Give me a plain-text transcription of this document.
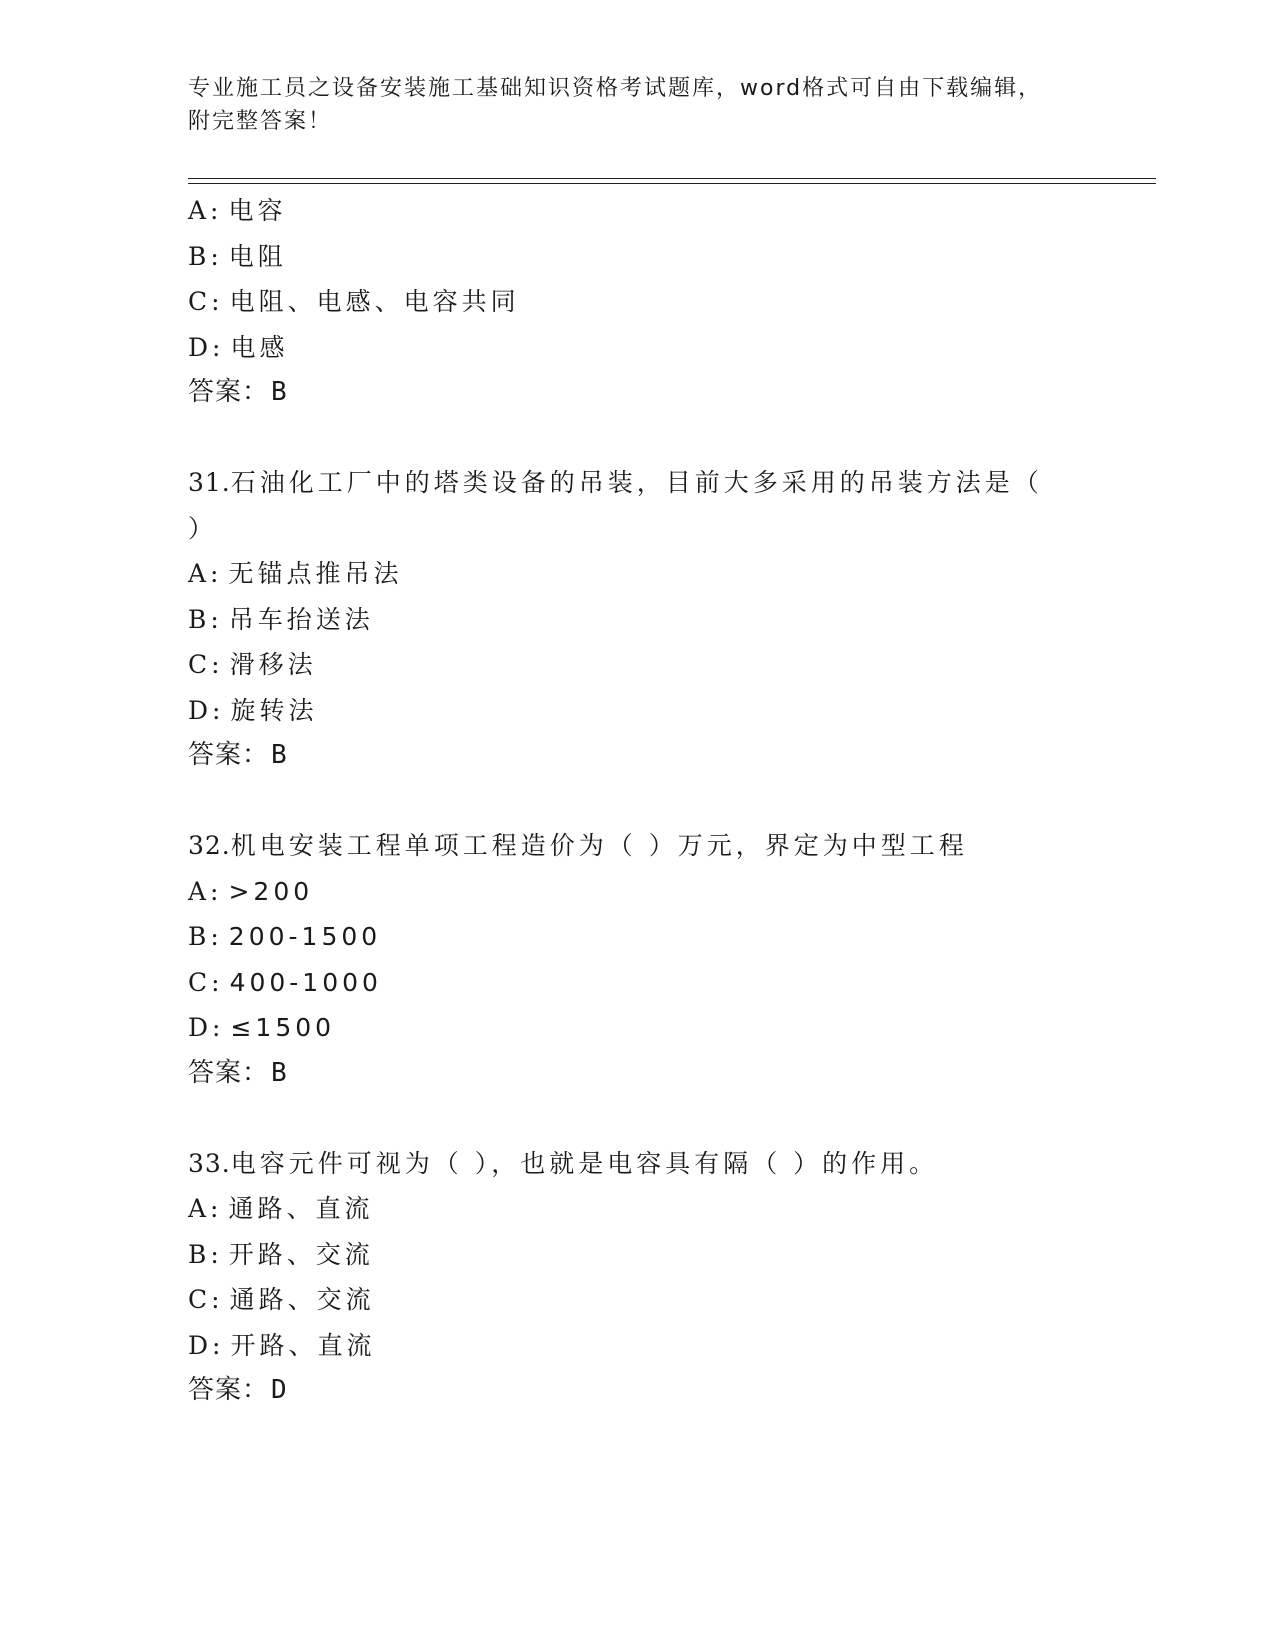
专业施工员之设备安装施工基础知识资格考试题库，word格式可自由下载编辑，
附完整答案！
A: 电容
B: 电阻
C: 电阻、电感、电容共同
D: 电感
答案：B
31.石油化工厂中的塔类设备的吊装，目前大多采用的吊装方法是（
）
A: 无锚点推吊法
B: 吊车抬送法
C: 滑移法
D: 旋转法
答案：B
32.机电安装工程单项工程造价为（ ）万元，界定为中型工程
A: >200
B: 200-1500
C: 400-1000
D: ≤1500
答案：B
33.电容元件可视为（ ），也就是电容具有隔（ ）的作用。
A: 通路、直流
B: 开路、交流
C: 通路、交流
D: 开路、直流
答案：D
